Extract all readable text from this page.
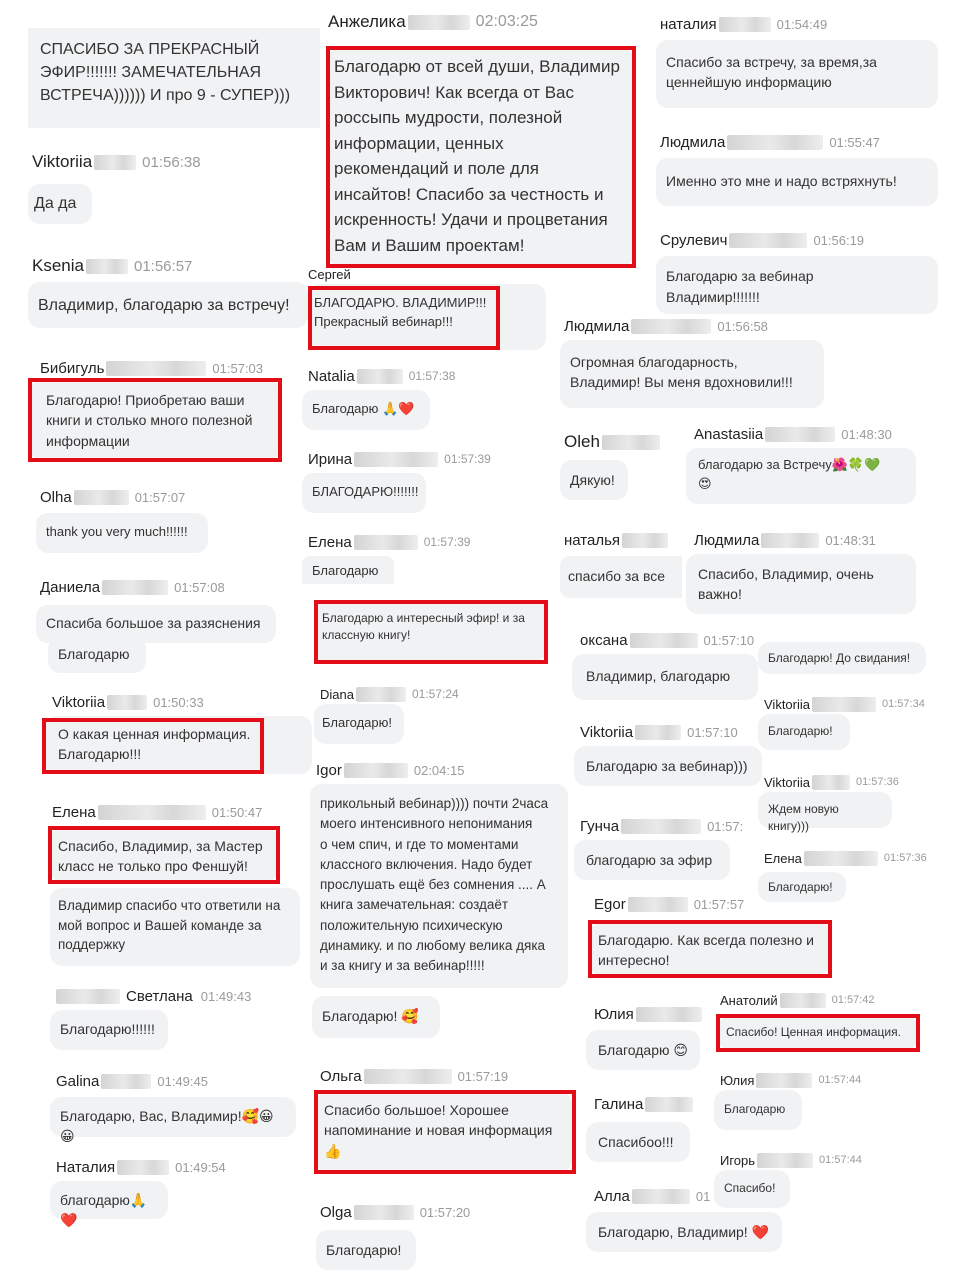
СПАСИБО ЗА ПРЕКРАСНЫЙ
ЭФИР!!!!!!! ЗАМЕЧАТЕЛЬНАЯ
ВСТРЕЧА)))))) И про 9 - СУПЕР)))
Viktoriia	01:56:38
Да да
Ksenia	01:56:57
Владимир, благодарю за встречу!
Бибигуль	01:57:03
Благодарю! Приобретаю ваши
книги и столько много полезной
информации
Olha	01:57:07
thank you very much!!!!!!
Даниела	01:57:08
Спасиба большое за разяснения
Благодарю
Viktoriia	01:50:33
О какая ценная информация.
Благодарю!!!
Елена	01:50:47
Спасибо, Владимир, за Мастер
класс не только про Феншуй!
Владимир спасибо что ответили на
мой вопрос и Вашей команде за
поддержку
Светлана 01:49:43
Благодарю!!!!!!
Galina	01:49:45
Благодарю, Вас, Владимир!🥰😀😀
Наталия	01:49:54
благодарю🙏❤️
Анжелика	02:03:25
Благодарю от всей души, Владимир
Викторович! Как всегда от Вас
россыпь мудрости, полезной
информации, ценных
рекомендаций и поле для
инсайтов! Спасибо за честность и
искренность! Удачи и процветания
Вам и Вашим проектам!
Сергей
БЛАГОДАРЮ. ВЛАДИМИР!!!
Прекрасный вебинар!!!
Natalia	01:57:38
Благодарю 🙏❤️
Ирина	01:57:39
БЛАГОДАРЮ!!!!!!!
Елена	01:57:39
Благодарю
Благодарю а интересный эфир! и за
классную книгу!
Diana	01:57:24
Благодарю!
Igor	02:04:15
прикольный вебинар)))) почти 2часа
моего интенсивного непонимания
о чем спич, и где то моментами
классного включения. Надо будет
прослушать ещё без сомнения .... А
книга замечательная: создаёт
положительную психическую
динамику. и по любому велика дяка
и за книгу и за вебинар!!!!!
Благодарю! 🥰
Ольга	01:57:19
Спасибо большое! Хорошее
напоминание и новая информация
👍
Olga	01:57:20
Благодарю!
наталия	01:54:49
Спасибо за встречу, за время,за
ценнейшую информацию
Людмила	01:55:47
Именно это мне и надо встряхнуть!
Срулевич	01:56:19
Благодарю за вебинар
Владимир!!!!!!!
Людмила	01:56:58
Огромная благодарность,
Владимир! Вы меня вдохновили!!!
Oleh
Дякую!
Anastasiia	01:48:30
благодарю за Встречу🌺🍀💚
😍
наталья
спасибо за все
Людмила	01:48:31
Спасибо, Владимир, очень
важно!
оксана	01:57:10
Владимир, благодарю
Благодарю! До свидания!
Viktoriia	01:57:34
Благодарю!
Viktoriia	01:57:10
Благодарю за вебинар)))
Viktoriia	01:57:36
Ждем новую книгу)))
Гунча	01:57:
благодарю за эфир	Елена	01:57:36
Благодарю!
Egor	01:57:57
Благодарю. Как всегда полезно и
интересно!
Анатолий	01:57:42
Спасибо! Ценная информация.
Юлия
Благодарю 😊
Юлия	01:57:44
Благодарю
Галина
Спасибоо!!!
Игорь	01:57:44
Спасибо!
Алла	01
Благодарю, Владимир! ❤️
